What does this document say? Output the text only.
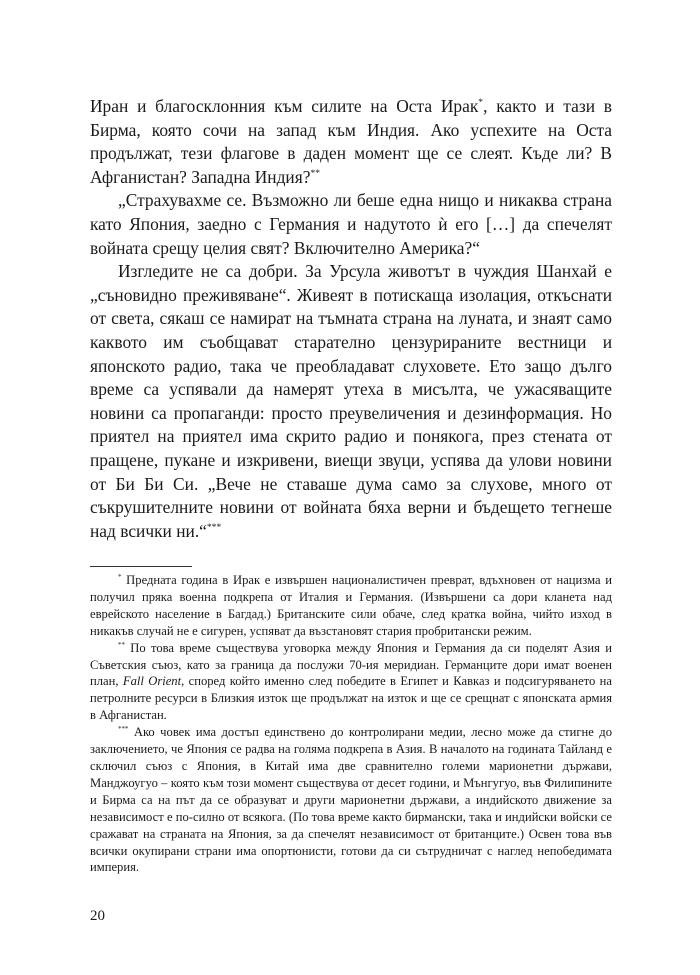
Иран и благосклонния към силите на Оста Ирак*, както и тази в Бирма, която сочи на запад към Индия. Ако успехите на Оста продължат, тези флагове в даден момент ще се слеят. Къде ли? В Афганистан? Западна Индия?**

„Страхувахме се. Възможно ли беше една нищо и никаква страна като Япония, заедно с Германия и надутото ѝ его […] да спечелят войната срещу целия свят? Включително Америка?“

Изгледите не са добри. За Урсула животът в чуждия Шанхай е „съновидно преживяване“. Живеят в потискаща изолация, откъснати от света, сякаш се намират на тъмната страна на луната, и знаят само каквото им съобщават старателно цензурираните вестници и японското радио, така че преобладават слуховете. Ето защо дълго време са успявали да намерят утеха в мисълта, че ужасяващите новини са пропаганди: просто преувеличения и дезинформация. Но приятел на приятел има скрито радио и понякога, през стената от пращене, пукане и изкривени, виещи звуци, успява да улови новини от Би Би Си. „Вече не ставаше дума само за слухове, много от съкрушителните новини от войната бяха верни и бъдещето тегнеше над всички ни.“***

* Предната година в Ирак е извършен националистичен преврат, вдъхновен от нацизма и получил пряка военна подкрепа от Италия и Германия. (Извършени са дори кланета над еврейското население в Багдад.) Британските сили обаче, след кратка война, чийто изход в никакъв случай не е сигурен, успяват да възстановят стария пробритански режим.

** По това време съществува уговорка между Япония и Германия да си поделят Азия и Съветския съюз, като за граница да послужи 70-ия меридиан. Германците дори имат военен план, Fall Orient, според който именно след победите в Египет и Кавказ и подсигуряването на петролните ресурси в Близкия изток ще продължат на изток и ще се срещнат с японската армия в Афганистан.

*** Ако човек има достъп единствено до контролирани медии, лесно може да стигне до заключението, че Япония се радва на голяма подкрепа в Азия. В началото на годината Тайланд е сключил съюз с Япония, в Китай има две сравнително големи марионетни държави, Манджоугуо – която към този момент съществува от десет години, и Мънгугуо, във Филипините и Бирма са на път да се образуват и други марионетни държави, а индийското движение за независимост е по-силно от всякога. (По това време както бирмански, така и индийски войски се сражават на страната на Япония, за да спечелят независимост от британците.) Освен това във всички окупирани страни има опортюнисти, готови да си сътрудничат с наглед непобедимата империя.

20
